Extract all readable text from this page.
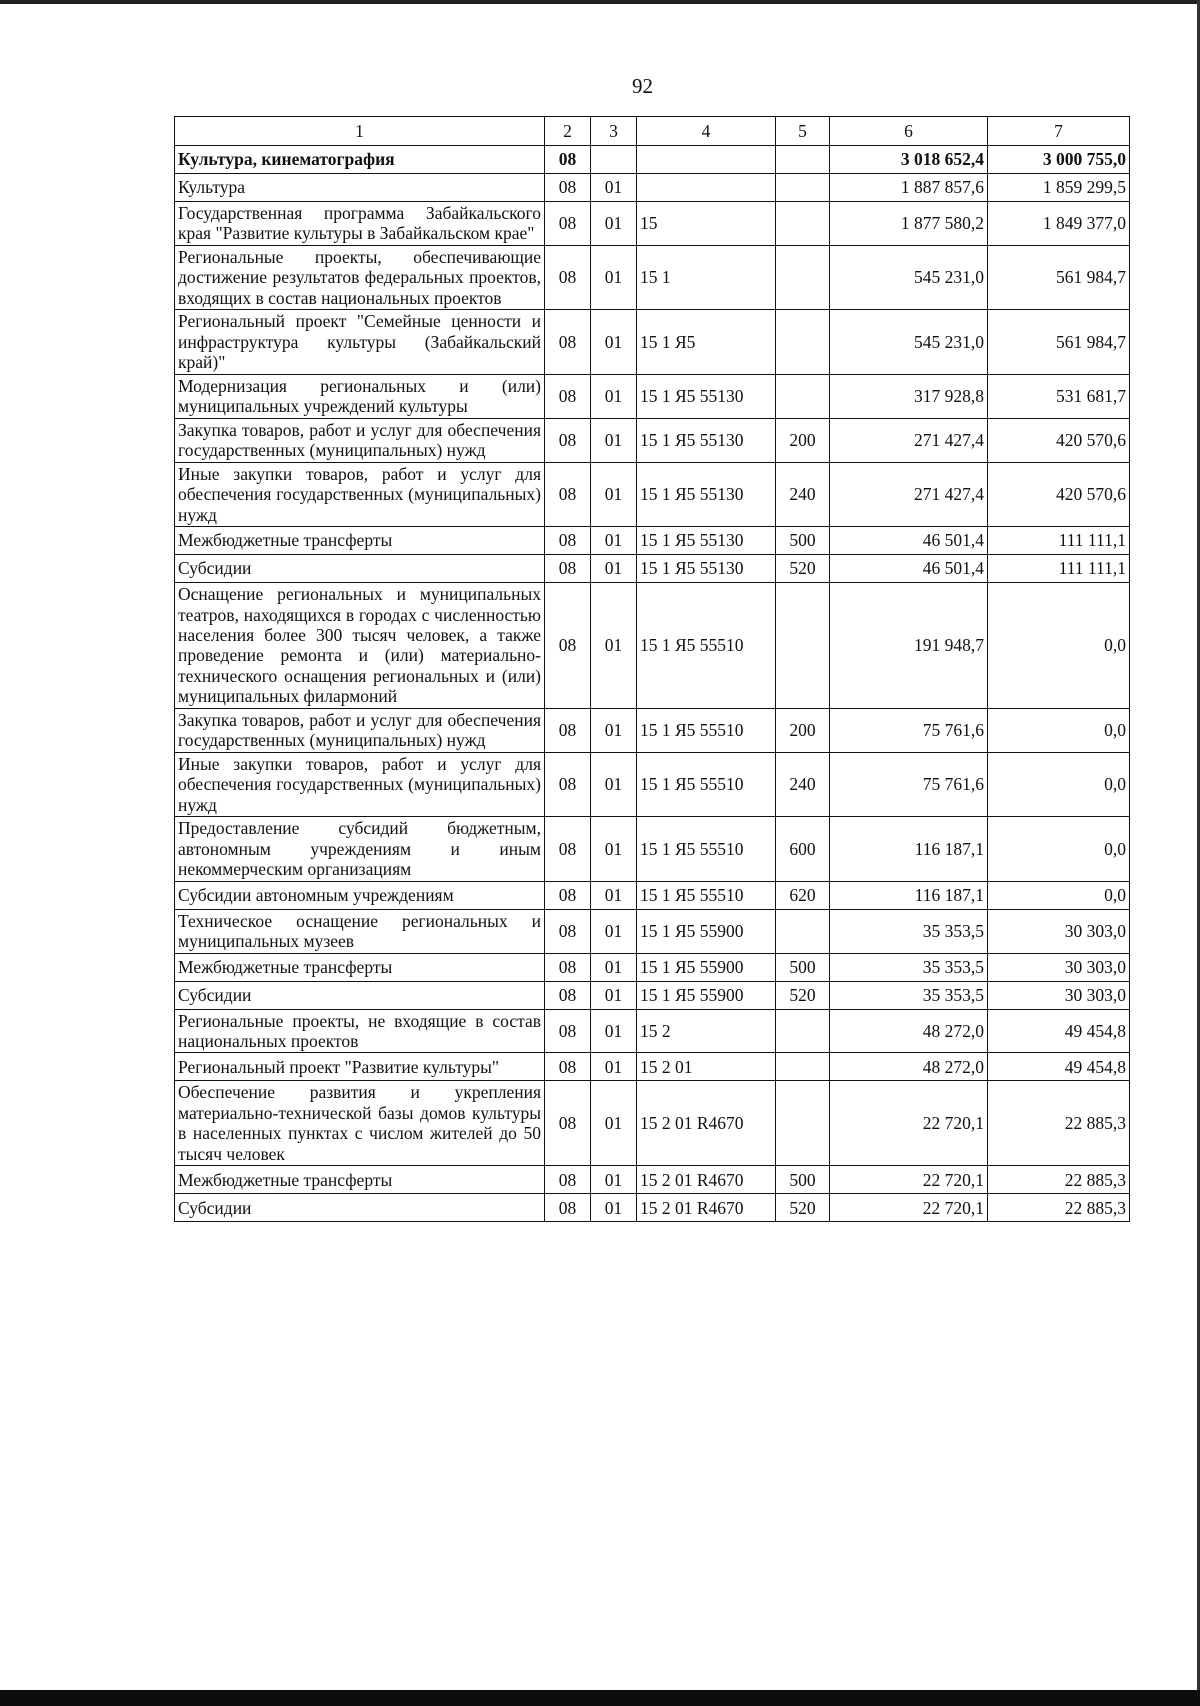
92
1	2	3	4	5	6	7
Культура, кинематография	08				3 018 652,4	3 000 755,0
Культура	08	01			1 887 857,6	1 859 299,5
Государственная программа Забайкальского края "Развитие культуры в Забайкальском крае"	08	01	15		1 877 580,2	1 849 377,0
Региональные проекты, обеспечивающие достижение результатов федеральных проектов, входящих в состав национальных проектов	08	01	15 1		545 231,0	561 984,7
Региональный проект "Семейные ценности и инфраструктура культуры (Забайкальский край)"	08	01	15 1 Я5		545 231,0	561 984,7
Модернизация региональных и (или) муниципальных учреждений культуры	08	01	15 1 Я5 55130		317 928,8	531 681,7
Закупка товаров, работ и услуг для обеспечения государственных (муниципальных) нужд	08	01	15 1 Я5 55130	200	271 427,4	420 570,6
Иные закупки товаров, работ и услуг для обеспечения государственных (муниципальных) нужд	08	01	15 1 Я5 55130	240	271 427,4	420 570,6
Межбюджетные трансферты	08	01	15 1 Я5 55130	500	46 501,4	111 111,1
Субсидии	08	01	15 1 Я5 55130	520	46 501,4	111 111,1
Оснащение региональных и муниципальных театров, находящихся в городах с численностью населения более 300 тысяч человек, а также проведение ремонта и (или) материально-технического оснащения региональных и (или) муниципальных филармоний	08	01	15 1 Я5 55510		191 948,7	0,0
Закупка товаров, работ и услуг для обеспечения государственных (муниципальных) нужд	08	01	15 1 Я5 55510	200	75 761,6	0,0
Иные закупки товаров, работ и услуг для обеспечения государственных (муниципальных) нужд	08	01	15 1 Я5 55510	240	75 761,6	0,0
Предоставление субсидий бюджетным, автономным учреждениям и иным некоммерческим организациям	08	01	15 1 Я5 55510	600	116 187,1	0,0
Субсидии автономным учреждениям	08	01	15 1 Я5 55510	620	116 187,1	0,0
Техническое оснащение региональных и муниципальных музеев	08	01	15 1 Я5 55900		35 353,5	30 303,0
Межбюджетные трансферты	08	01	15 1 Я5 55900	500	35 353,5	30 303,0
Субсидии	08	01	15 1 Я5 55900	520	35 353,5	30 303,0
Региональные проекты, не входящие в состав национальных проектов	08	01	15 2		48 272,0	49 454,8
Региональный проект "Развитие культуры"	08	01	15 2 01		48 272,0	49 454,8
Обеспечение развития и укрепления материально-технической базы домов культуры в населенных пунктах с числом жителей до 50 тысяч человек	08	01	15 2 01 R4670		22 720,1	22 885,3
Межбюджетные трансферты	08	01	15 2 01 R4670	500	22 720,1	22 885,3
Субсидии	08	01	15 2 01 R4670	520	22 720,1	22 885,3
